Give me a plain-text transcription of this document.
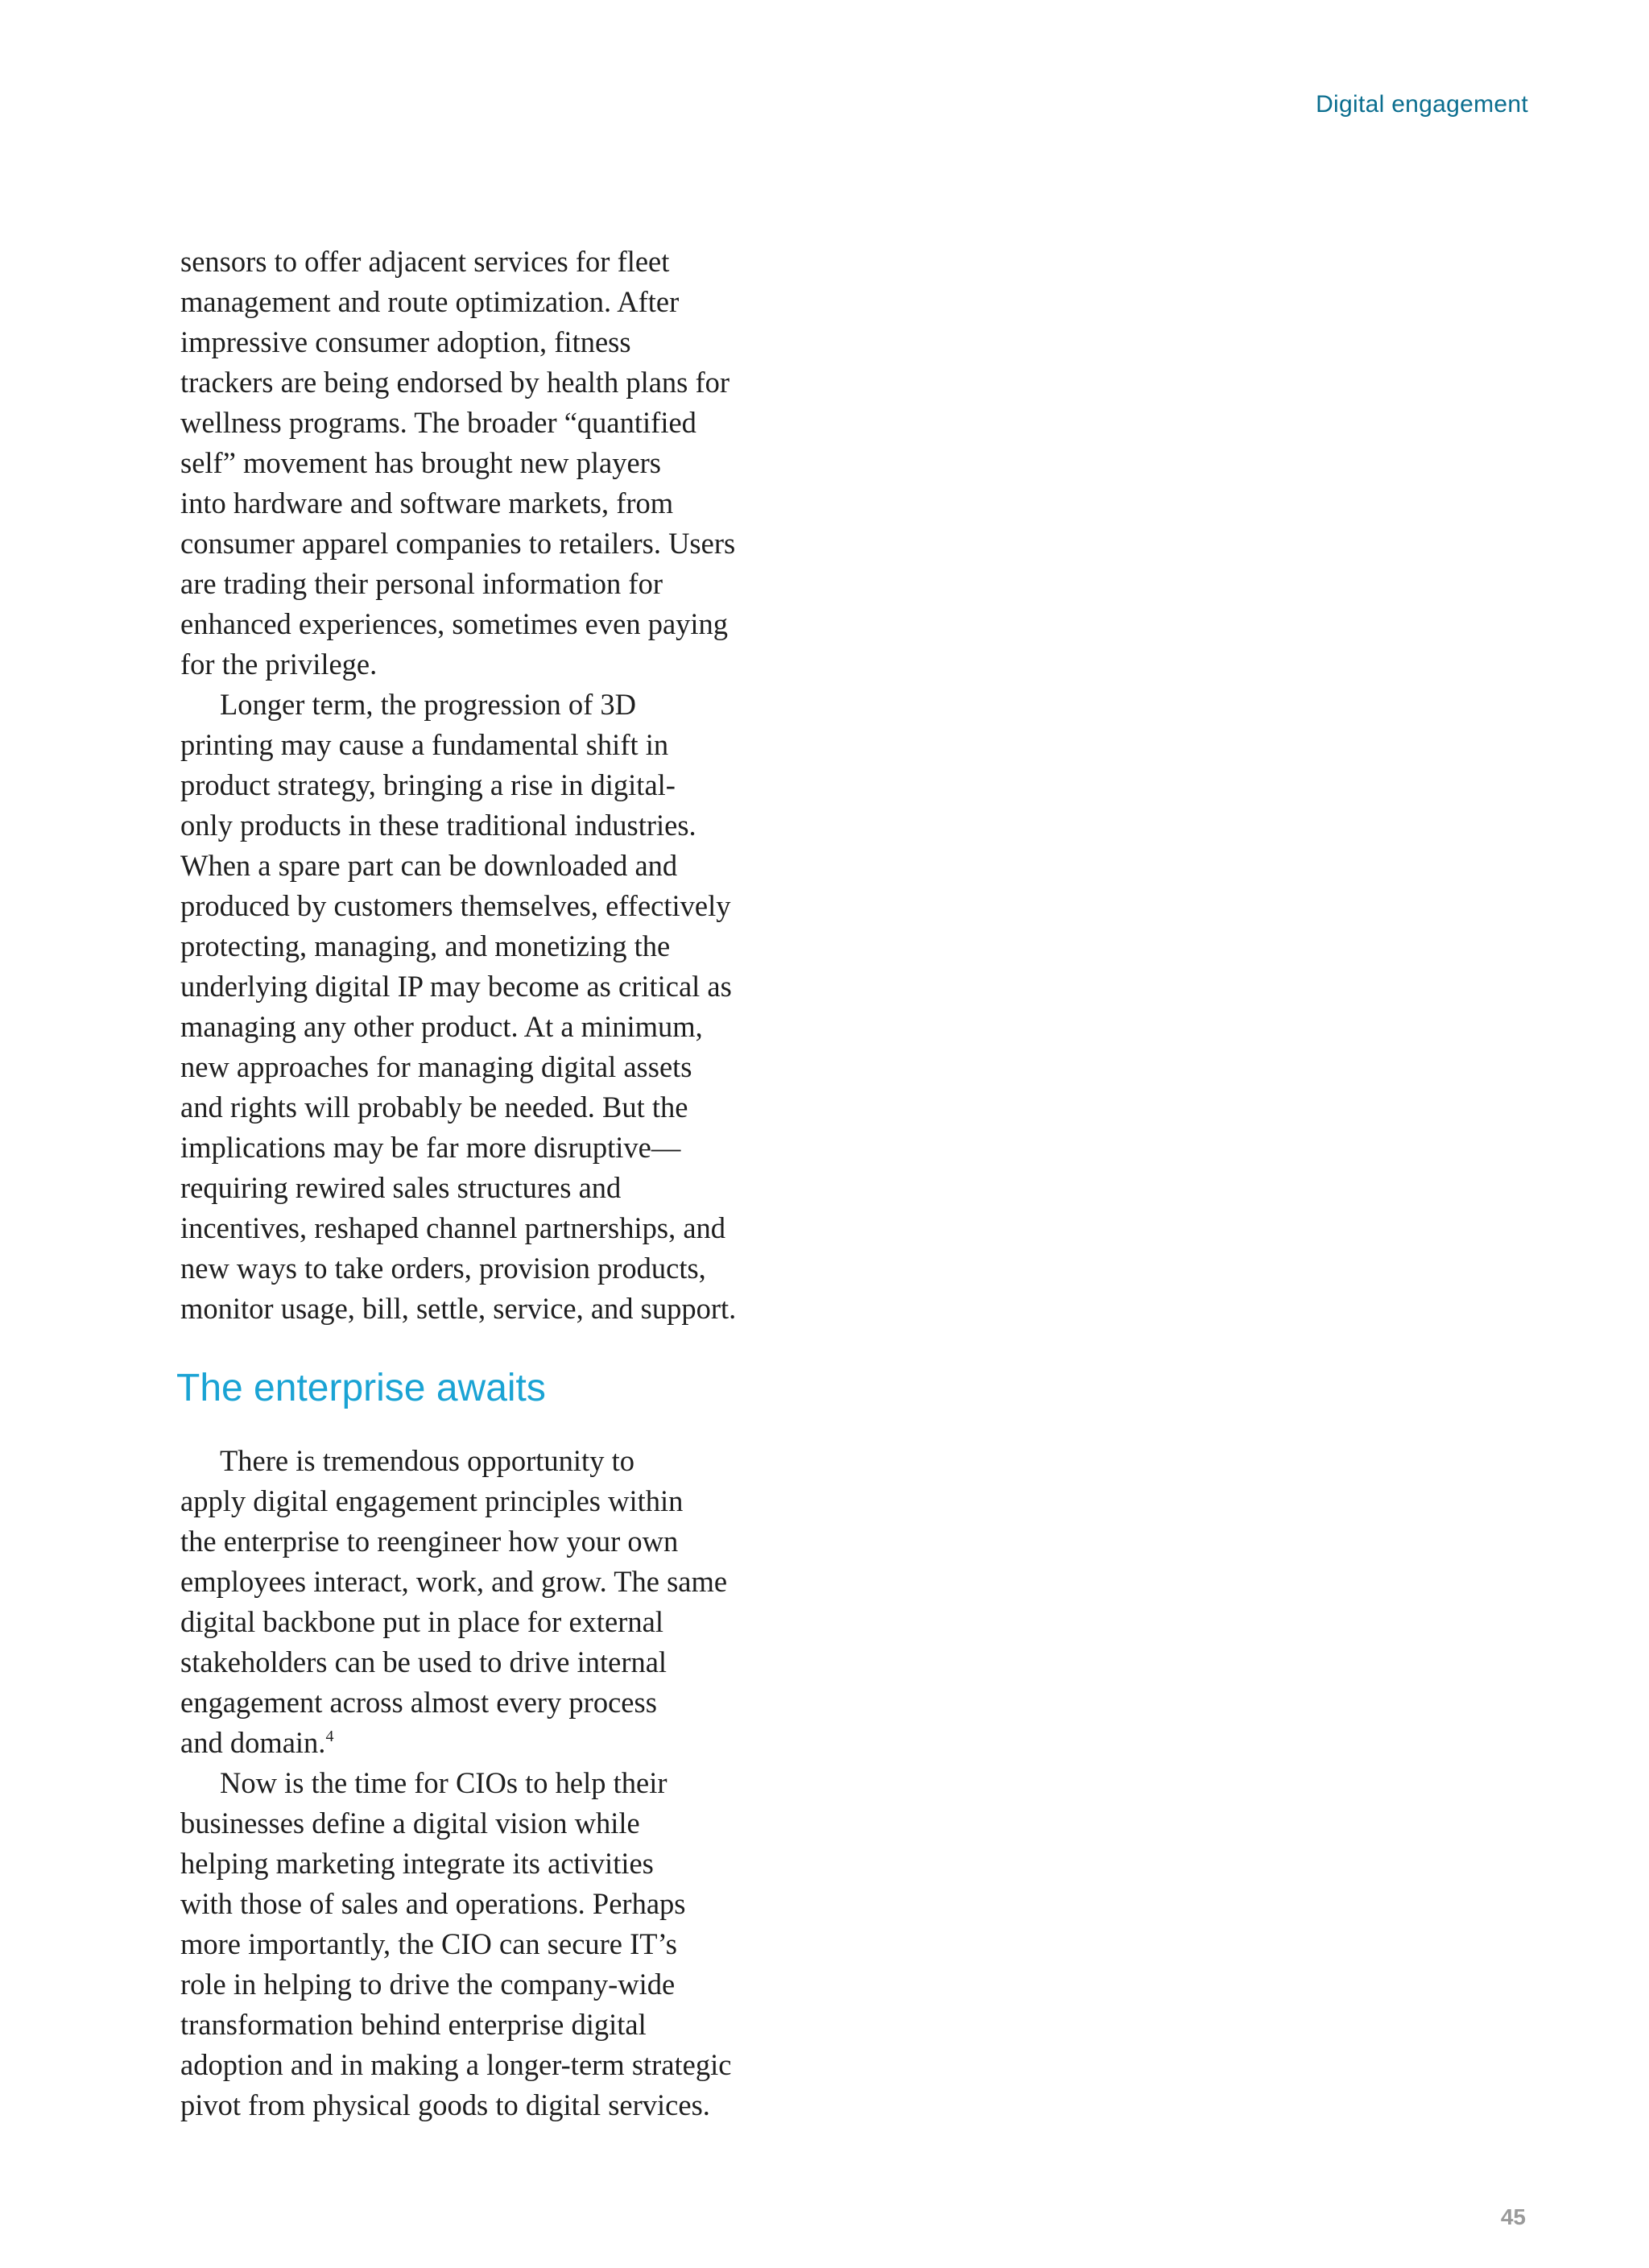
Digital engagement

sensors to offer adjacent services for fleet
management and route optimization. After
impressive consumer adoption, fitness
trackers are being endorsed by health plans for
wellness programs. The broader “quantified
self” movement has brought new players
into hardware and software markets, from
consumer apparel companies to retailers. Users
are trading their personal information for
enhanced experiences, sometimes even paying
for the privilege.

Longer term, the progression of 3D
printing may cause a fundamental shift in
product strategy, bringing a rise in digital-
only products in these traditional industries.
When a spare part can be downloaded and
produced by customers themselves, effectively
protecting, managing, and monetizing the
underlying digital IP may become as critical as
managing any other product. At a minimum,
new approaches for managing digital assets
and rights will probably be needed. But the
implications may be far more disruptive—
requiring rewired sales structures and
incentives, reshaped channel partnerships, and
new ways to take orders, provision products,
monitor usage, bill, settle, service, and support.

The enterprise awaits

There is tremendous opportunity to
apply digital engagement principles within
the enterprise to reengineer how your own
employees interact, work, and grow. The same
digital backbone put in place for external
stakeholders can be used to drive internal
engagement across almost every process
and domain.$^4$

Now is the time for CIOs to help their
businesses define a digital vision while
helping marketing integrate its activities
with those of sales and operations. Perhaps
more importantly, the CIO can secure IT’s
role in helping to drive the company-wide
transformation behind enterprise digital
adoption and in making a longer-term strategic
pivot from physical goods to digital services.

45
